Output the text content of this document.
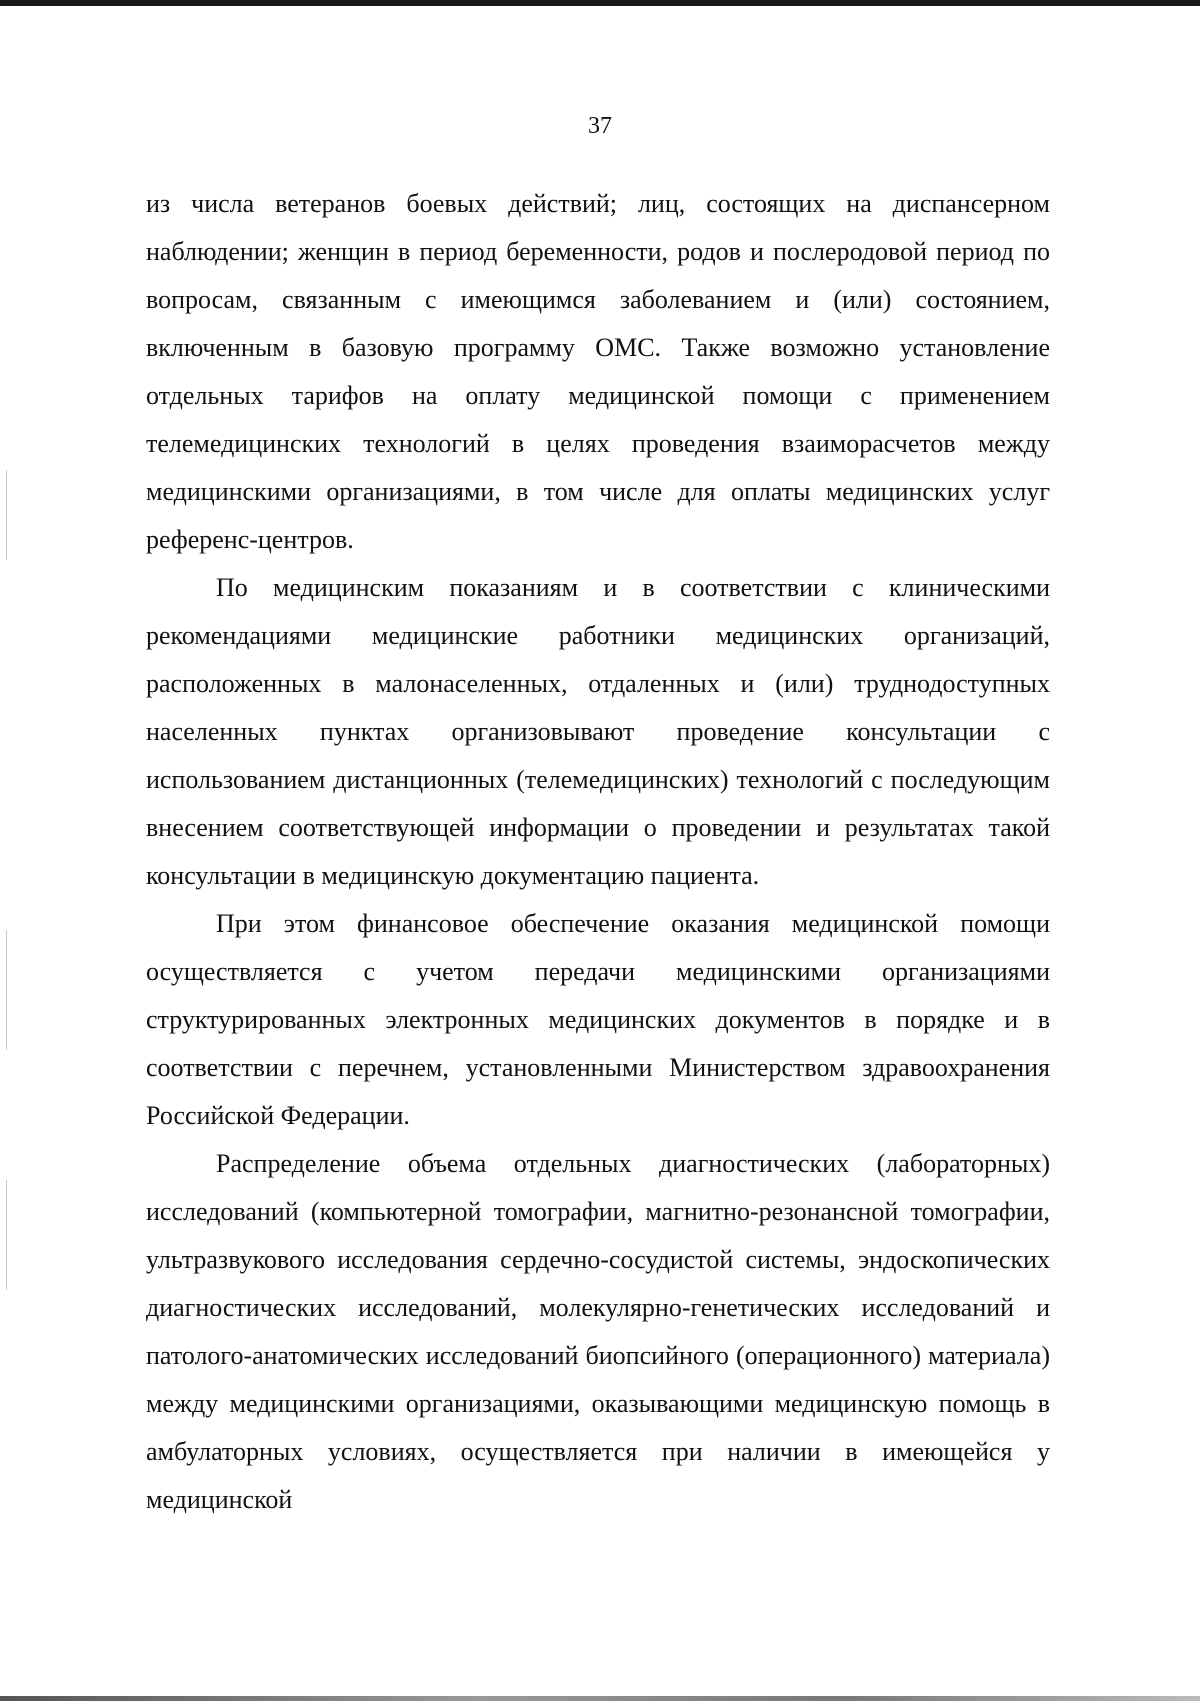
37

из числа ветеранов боевых действий; лиц, состоящих на диспансерном наблюдении; женщин в период беременности, родов и послеродовой период по вопросам, связанным с имеющимся заболеванием и (или) состоянием, включенным в базовую программу ОМС. Также возможно установление отдельных тарифов на оплату медицинской помощи с применением телемедицинских технологий в целях проведения взаиморасчетов между медицинскими организациями, в том числе для оплаты медицинских услуг референс-центров.

По медицинским показаниям и в соответствии с клиническими рекомендациями медицинские работники медицинских организаций, расположенных в малонаселенных, отдаленных и (или) труднодоступных населенных пунктах организовывают проведение консультации с использованием дистанционных (телемедицинских) технологий с последующим внесением соответствующей информации о проведении и результатах такой консультации в медицинскую документацию пациента.

При этом финансовое обеспечение оказания медицинской помощи осуществляется с учетом передачи медицинскими организациями структурированных электронных медицинских документов в порядке и в соответствии с перечнем, установленными Министерством здравоохранения Российской Федерации.

Распределение объема отдельных диагностических (лабораторных) исследований (компьютерной томографии, магнитно-резонансной томографии, ультразвукового исследования сердечно-сосудистой системы, эндоскопических диагностических исследований, молекулярно-генетических исследований и патолого-анатомических исследований биопсийного (операционного) материала) между медицинскими организациями, оказывающими медицинскую помощь в амбулаторных условиях, осуществляется при наличии в имеющейся у медицинской
